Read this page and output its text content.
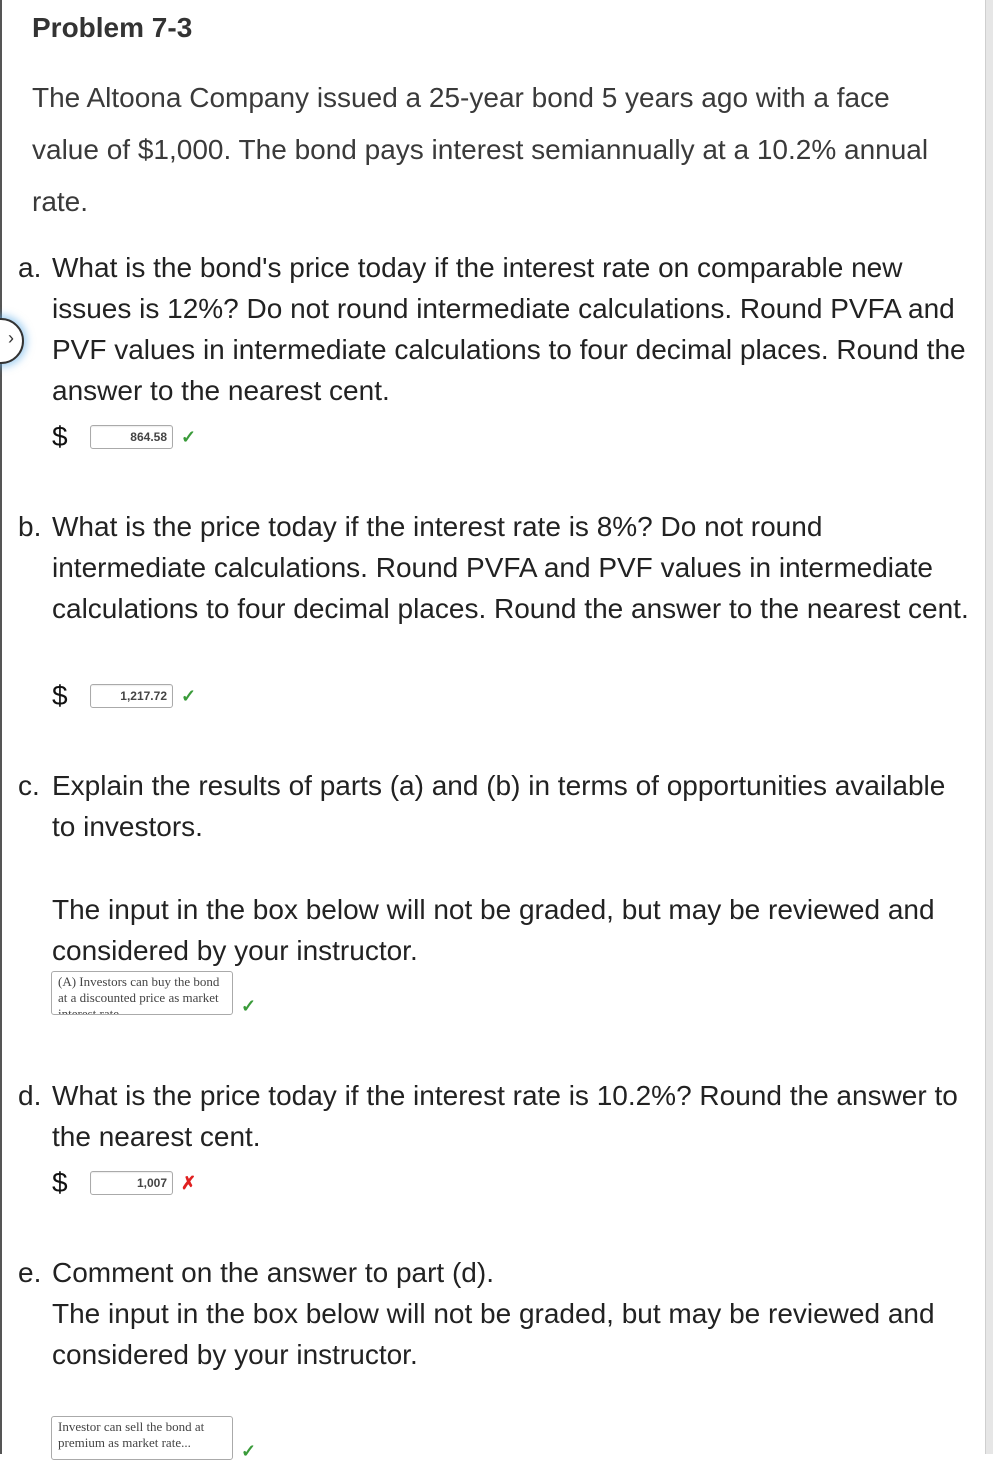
›
Problem 7-3
The Altoona Company issued a 25-year bond 5 years ago with a face value of $1,000. The bond pays interest semiannually at a 10.2% annual rate.
a. What is the bond's price today if the interest rate on comparable new issues is 12%? Do not round intermediate calculations. Round PVFA and PVF values in intermediate calculations to four decimal places. Round the answer to the nearest cent.
$
864.58	✓
b. What is the price today if the interest rate is 8%? Do not round intermediate calculations. Round PVFA and PVF values in intermediate calculations to four decimal places. Round the answer to the nearest cent.
$
1,217.72	✓
c. Explain the results of parts (a) and (b) in terms of opportunities available to investors.
The input in the box below will not be graded, but may be reviewed and considered by your instructor.
(A) Investors can buy the bond at a discounted price as market interest rate...
✓
d. What is the price today if the interest rate is 10.2%? Round the answer to the nearest cent.
$
1,007	✗
e. Comment on the answer to part (d).
The input in the box below will not be graded, but may be reviewed and considered by your instructor.
Investor can sell the bond at premium as market rate...
✓
